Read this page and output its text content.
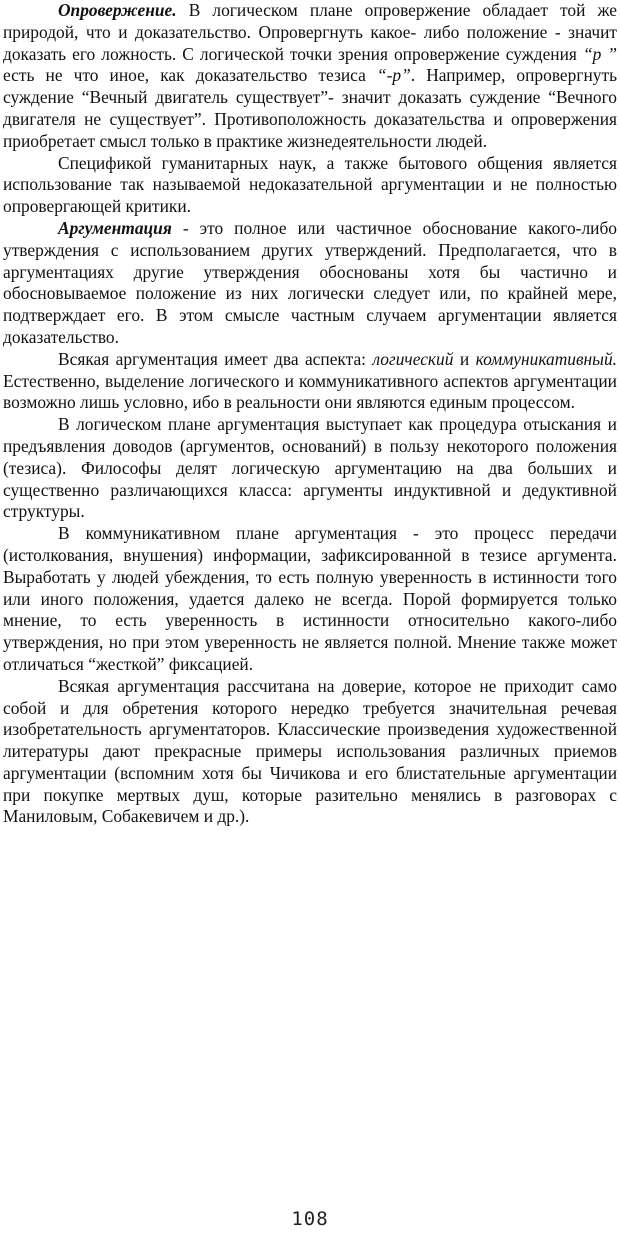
Опровержение. В логическом плане опровержение обладает той же природой, что и доказательство. Опровергнуть какое- либо положение - значит доказать его ложность. С логической точки зрения опровержение суждения “р ” есть не что иное, как доказательство тезиса “-р”. Например, опровергнуть суждение “Вечный двигатель существует”- значит доказать суждение “Вечного двигателя не существует”. Противоположность доказательства и опровержения приобретает смысл только в практике жизнедеятельности людей.

Спецификой гуманитарных наук, а также бытового общения является использование так называемой недоказательной аргументации и не полностью опровергающей критики.

Аргументация - это полное или частичное обоснование какого-либо утверждения с использованием других утверждений. Предполагается, что в аргументациях другие утверждения обоснованы хотя бы частично и обосновываемое положение из них логически следует или, по крайней мере, подтверждает его. В этом смысле частным случаем аргументации является доказательство.

Всякая аргументация имеет два аспекта: логический и коммуникативный. Естественно, выделение логического и коммуникативного аспектов аргументации возможно лишь условно, ибо в реальности они являются единым процессом.

В логическом плане аргументация выступает как процедура отыскания и предъявления доводов (аргументов, оснований) в пользу некоторого положения (тезиса). Философы делят логическую аргументацию на два больших и существенно различающихся класса: аргументы индуктивной и дедуктивной структуры.

В коммуникативном плане аргументация - это процесс передачи (истолкования, внушения) информации, зафиксированной в тезисе аргумента. Выработать у людей убеждения, то есть полную уверенность в истинности того или иного положения, удается далеко не всегда. Порой формируется только мнение, то есть уверенность в истинности относительно какого-либо утверждения, но при этом уверенность не является полной. Мнение также может отличаться “жесткой” фиксацией.

Всякая аргументация рассчитана на доверие, которое не приходит само собой и для обретения которого нередко требуется значительная речевая изобретательность аргументаторов. Классические произведения художественной литературы дают прекрасные примеры использования различных приемов аргументации (вспомним хотя бы Чичикова и его блистательные аргументации при покупке мертвых душ, которые разительно менялись в разговорах с Маниловым, Собакевичем и др.).

108
